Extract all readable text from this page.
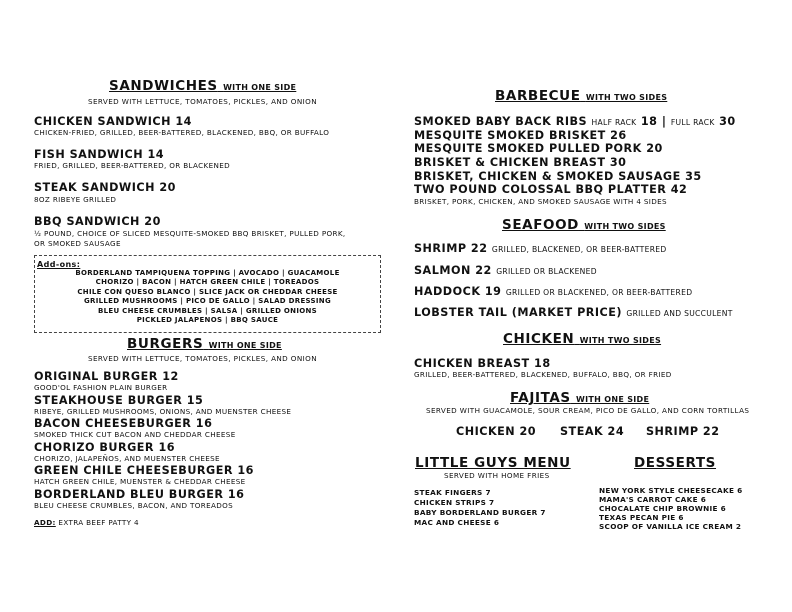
SANDWICHES WITH ONE SIDE
SERVED WITH LETTUCE, TOMATOES, PICKLES, AND ONION
CHICKEN SANDWICH 14
CHICKEN-FRIED, GRILLED, BEER-BATTERED, BLACKENED, BBQ, OR BUFFALO
FISH SANDWICH 14
FRIED, GRILLED, BEER-BATTERED, OR BLACKENED
STEAK SANDWICH 20
8OZ RIBEYE GRILLED
BBQ SANDWICH 20
½ POUND, CHOICE OF SLICED MESQUITE-SMOKED BBQ BRISKET, PULLED PORK,
OR SMOKED SAUSAGE
Add-ons:
BORDERLAND TAMPIQUENA TOPPING | AVOCADO | GUACAMOLE
CHORIZO | BACON | HATCH GREEN CHILE | TOREADOS
CHILE CON QUESO BLANCO | SLICE JACK OR CHEDDAR CHEESE
GRILLED MUSHROOMS | PICO DE GALLO | SALAD DRESSING
BLEU CHEESE CRUMBLES | SALSA | GRILLED ONIONS
PICKLED JALAPENOS | BBQ SAUCE
BURGERS WITH ONE SIDE
SERVED WITH LETTUCE, TOMATOES, PICKLES, AND ONION
ORIGINAL BURGER 12
GOOD'OL FASHION PLAIN BURGER
STEAKHOUSE BURGER 15
RIBEYE, GRILLED MUSHROOMS, ONIONS, AND MUENSTER CHEESE
BACON CHEESEBURGER 16
SMOKED THICK CUT BACON AND CHEDDAR CHEESE
CHORIZO BURGER 16
CHORIZO, JALAPEÑOS, AND MUENSTER CHEESE
GREEN CHILE CHEESEBURGER 16
HATCH GREEN CHILE, MUENSTER & CHEDDAR CHEESE
BORDERLAND BLEU BURGER 16
BLEU CHEESE CRUMBLES, BACON, AND TOREADOS
ADD: EXTRA BEEF PATTY 4
BARBECUE WITH TWO SIDES
SMOKED BABY BACK RIBS HALF RACK 18 | FULL RACK 30
MESQUITE SMOKED BRISKET 26
MESQUITE SMOKED PULLED PORK 20
BRISKET & CHICKEN BREAST 30
BRISKET, CHICKEN & SMOKED SAUSAGE 35
TWO POUND COLOSSAL BBQ PLATTER 42
BRISKET, PORK, CHICKEN, AND SMOKED SAUSAGE WITH 4 SIDES
SEAFOOD WITH TWO SIDES
SHRIMP 22 GRILLED, BLACKENED, OR BEER-BATTERED
SALMON 22 GRILLED OR BLACKENED
HADDOCK 19 GRILLED OR BLACKENED, OR BEER-BATTERED
LOBSTER TAIL (MARKET PRICE) GRILLED AND SUCCULENT
CHICKEN WITH TWO SIDES
CHICKEN BREAST 18
GRILLED, BEER-BATTERED, BLACKENED, BUFFALO, BBQ, OR FRIED
FAJITAS WITH ONE SIDE
SERVED WITH GUACAMOLE, SOUR CREAM, PICO DE GALLO, AND CORN TORTILLAS
CHICKEN 20 STEAK 24 SHRIMP 22
LITTLE GUYS MENU
SERVED WITH HOME FRIES
STEAK FINGERS 7
CHICKEN STRIPS 7
BABY BORDERLAND BURGER 7
MAC AND CHEESE 6
DESSERTS
NEW YORK STYLE CHEESECAKE 6
MAMA'S CARROT CAKE 6
CHOCALATE CHIP BROWNIE 6
TEXAS PECAN PIE 6
SCOOP OF VANILLA ICE CREAM 2
